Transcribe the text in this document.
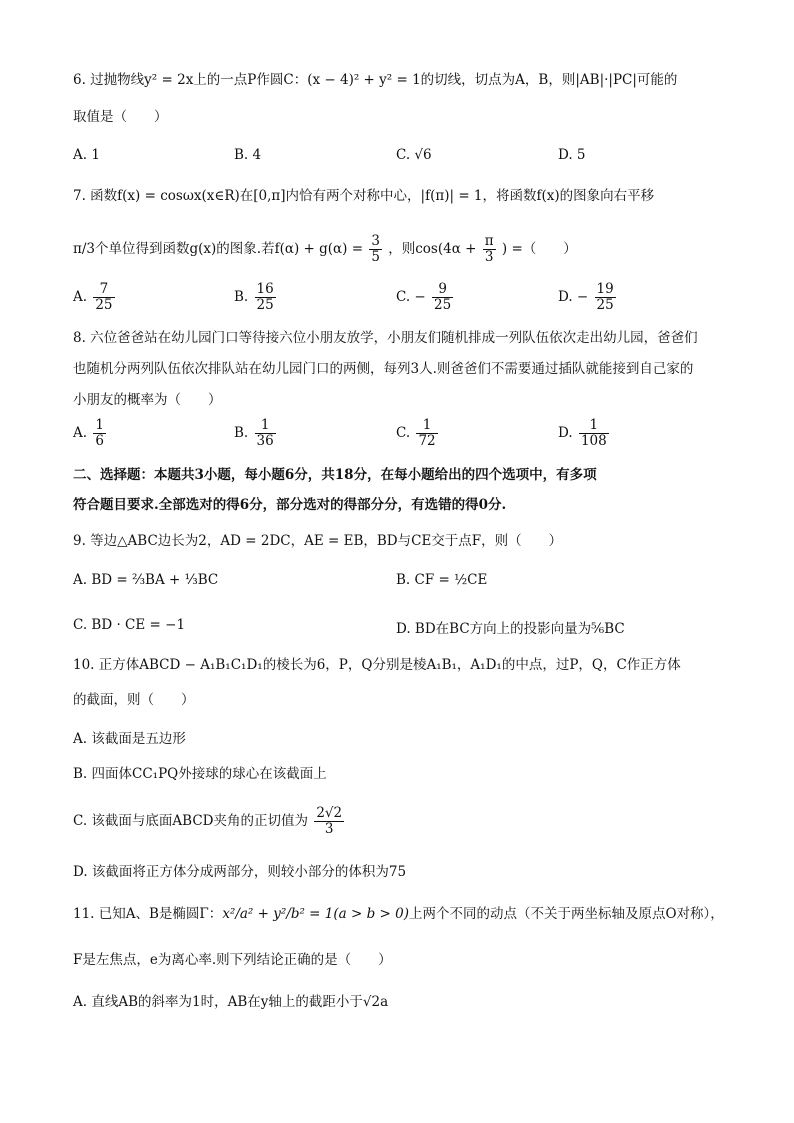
6. 过抛物线y² = 2x上的一点P作圆C：(x − 4)² + y² = 1的切线，切点为A，B，则|AB|·|PC|可能的
取值是（　　）
A. 1	B. 4	C. √6	D. 5
7. 函数f(x) = cosωx(x∈R)在[0,π]内恰有两个对称中心，|f(π)| = 1，将函数f(x)的图象向右平移
π/3个单位得到函数g(x)的图象.若$f(\alpha) + g(\alpha) = \frac{3}{5}$ ，则$\cos(4\alpha + \frac{\pi}{3}$ ) =（　　）
A. $\frac{7}{25}$	B. $\frac{16}{25}$	C. − $\frac{9}{25}$	D. − $\frac{19}{25}$
8. 六位爸爸站在幼儿园门口等待接六位小朋友放学，小朋友们随机排成一列队伍依次走出幼儿园，爸爸们
也随机分两列队伍依次排队站在幼儿园门口的两侧，每列3人.则爸爸们不需要通过插队就能接到自己家的
小朋友的概率为（　　）
A. $\frac{1}{6}$	B. $\frac{1}{36}$	C. $\frac{1}{72}$	D. $\frac{1}{108}$
二、选择题：本题共3小题，每小题6分，共18分，在每小题给出的四个选项中，有多项
符合题目要求.全部选对的得6分，部分选对的得部分分，有选错的得0分.
9. 等边△ABC边长为2，AD = 2DC，AE = EB，BD与CE交于点F，则（　　）
A. BD = ⅔BA + ⅓BC	B. CF = ½CE
C. BD · CE = −1	D. BD在BC方向上的投影向量为⅚BC
10. 正方体ABCD − A₁B₁C₁D₁的棱长为6，P，Q分别是棱A₁B₁，A₁D₁的中点，过P，Q，C作正方体
的截面，则（　　）
A. 该截面是五边形
B. 四面体CC₁PQ外接球的球心在该截面上
C. 该截面与底面ABCD夹角的正切值为 $\frac{2√2}{3}$
D. 该截面将正方体分成两部分，则较小部分的体积为75
11. 已知A、B是椭圆Γ：x²/a² + y²/b² = 1(a > b > 0)上两个不同的动点（不关于两坐标轴及原点O对称），
F是左焦点，e为离心率.则下列结论正确的是（　　）
A. 直线AB的斜率为1时，AB在y轴上的截距小于√2a
